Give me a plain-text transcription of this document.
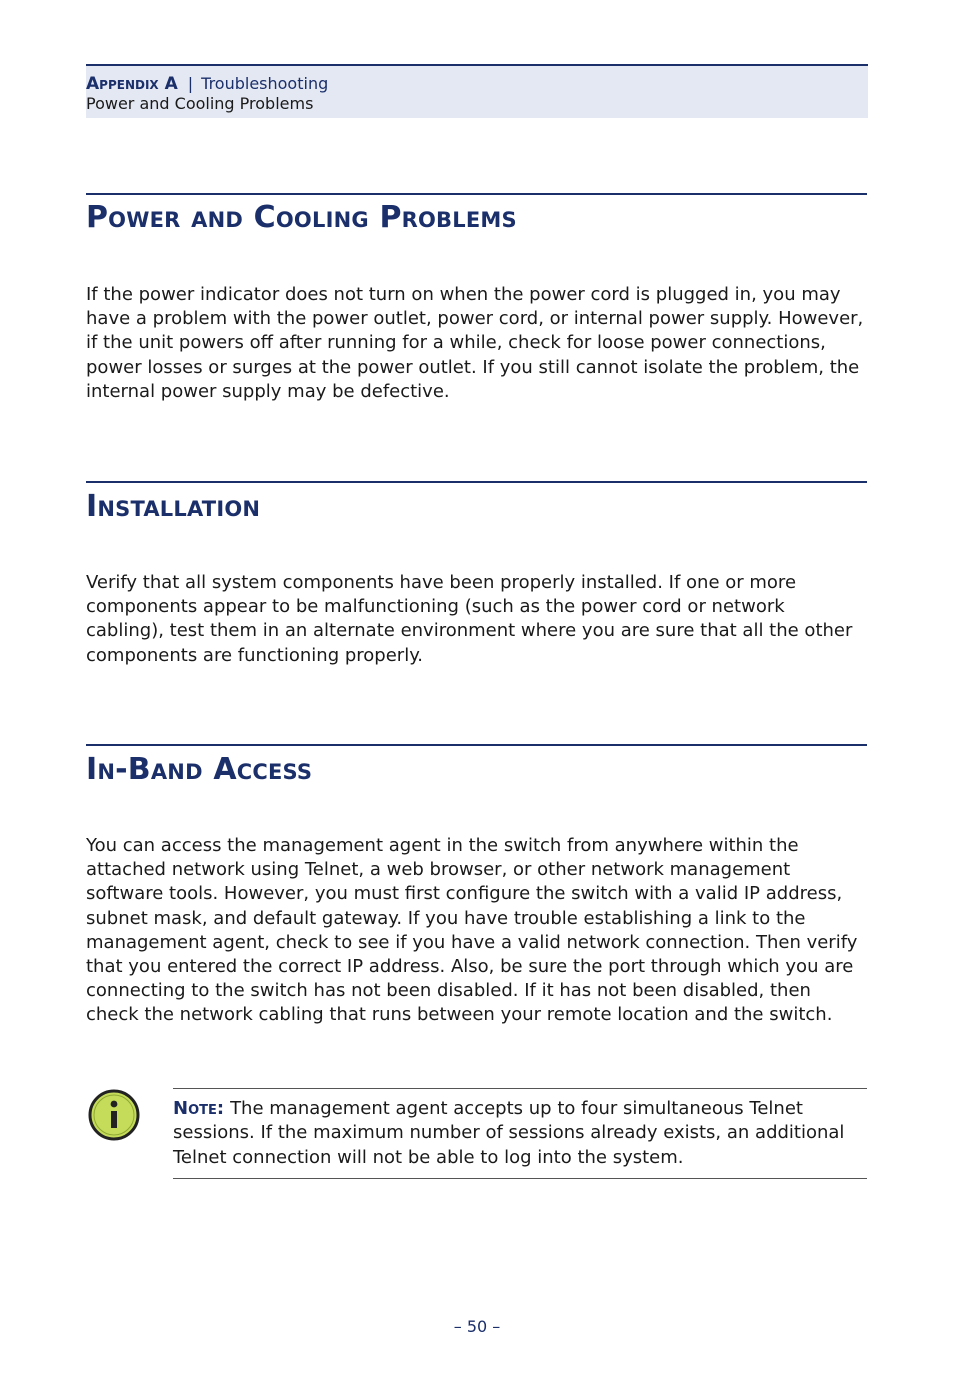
Appendix A | Troubleshooting
Power and Cooling Problems
Power and Cooling Problems

If the power indicator does not turn on when the power cord is plugged in, you may have a problem with the power outlet, power cord, or internal power supply. However, if the unit powers off after running for a while, check for loose power connections, power losses or surges at the power outlet. If you still cannot isolate the problem, the internal power supply may be defective.

Installation

Verify that all system components have been properly installed. If one or more components appear to be malfunctioning (such as the power cord or network cabling), test them in an alternate environment where you are sure that all the other components are functioning properly.

In-Band Access

You can access the management agent in the switch from anywhere within the attached network using Telnet, a web browser, or other network management software tools. However, you must first configure the switch with a valid IP address, subnet mask, and default gateway. If you have trouble establishing a link to the management agent, check to see if you have a valid network connection. Then verify that you entered the correct IP address. Also, be sure the port through which you are connecting to the switch has not been disabled. If it has not been disabled, then check the network cabling that runs between your remote location and the switch.

Note: The management agent accepts up to four simultaneous Telnet sessions. If the maximum number of sessions already exists, an additional Telnet connection will not be able to log into the system.

– 50 –
